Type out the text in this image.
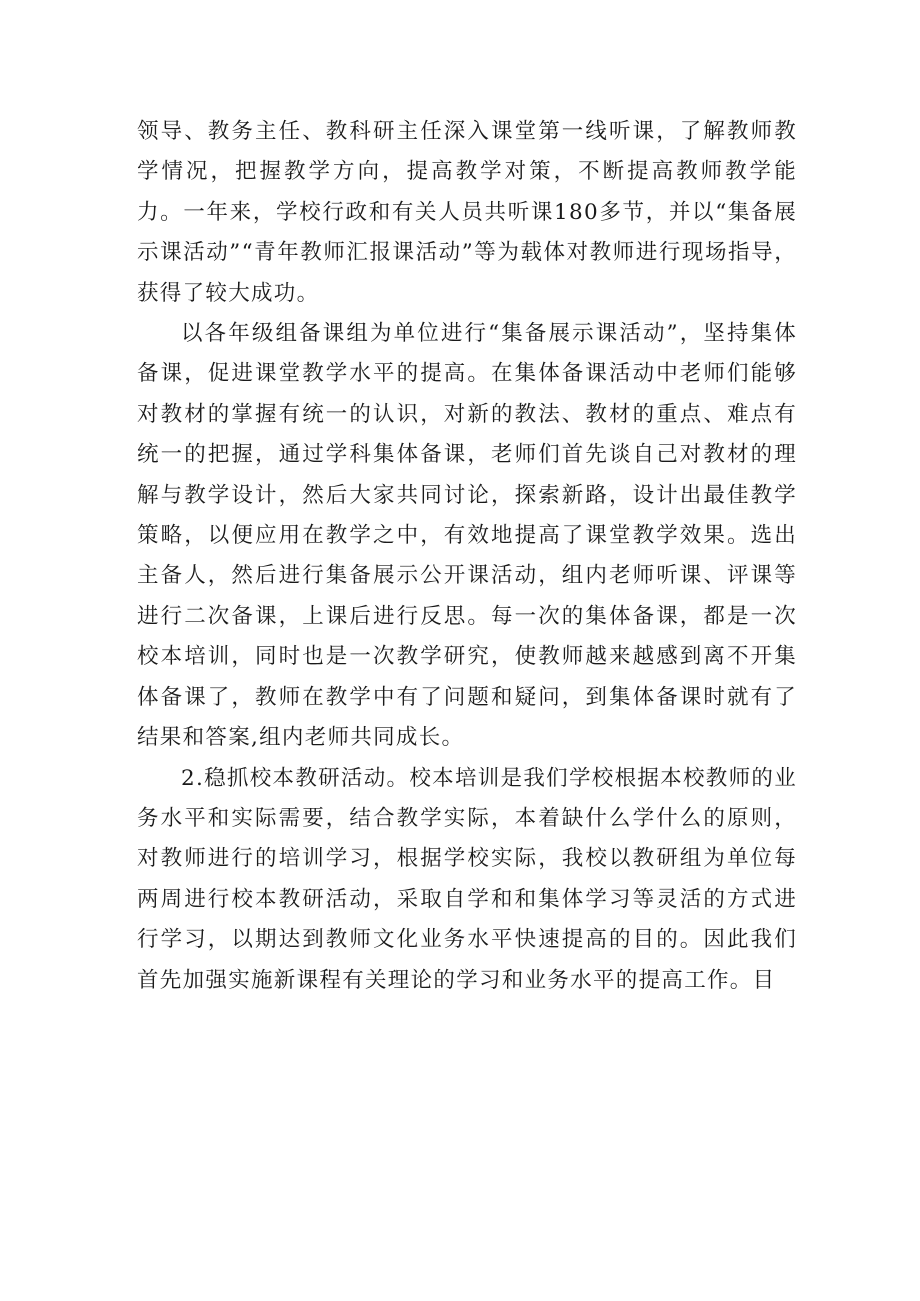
领导、教务主任、教科研主任深入课堂第一线听课，了解教师教学情况，把握教学方向，提高教学对策，不断提高教师教学能力。一年来，学校行政和有关人员共听课180多节，并以“集备展示课活动”“青年教师汇报课活动”等为载体对教师进行现场指导，获得了较大成功。

以各年级组备课组为单位进行“集备展示课活动”，坚持集体备课，促进课堂教学水平的提高。在集体备课活动中老师们能够对教材的掌握有统一的认识，对新的教法、教材的重点、难点有统一的把握，通过学科集体备课，老师们首先谈自己对教材的理解与教学设计，然后大家共同讨论，探索新路，设计出最佳教学策略，以便应用在教学之中，有效地提高了课堂教学效果。选出主备人，然后进行集备展示公开课活动，组内老师听课、评课等进行二次备课，上课后进行反思。每一次的集体备课，都是一次校本培训，同时也是一次教学研究，使教师越来越感到离不开集体备课了，教师在教学中有了问题和疑问，到集体备课时就有了结果和答案,组内老师共同成长。

2.稳抓校本教研活动。校本培训是我们学校根据本校教师的业务水平和实际需要，结合教学实际，本着缺什么学什么的原则，对教师进行的培训学习，根据学校实际，我校以教研组为单位每两周进行校本教研活动，采取自学和和集体学习等灵活的方式进行学习，以期达到教师文化业务水平快速提高的目的。因此我们首先加强实施新课程有关理论的学习和业务水平的提高工作。目
